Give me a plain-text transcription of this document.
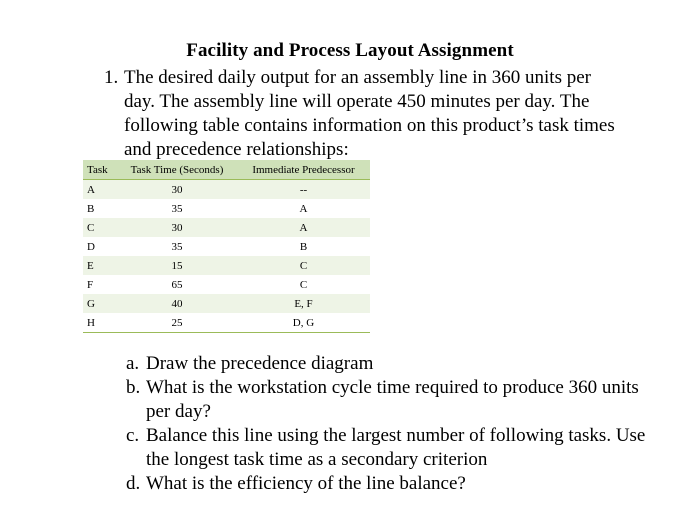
Facility and Process Layout Assignment
1. The desired daily output for an assembly line in 360 units per day. The assembly line will operate 450 minutes per day. The following table contains information on this product’s task times and precedence relationships:
Task	Task Time (Seconds)	Immediate Predecessor
A	30	--
B	35	A
C	30	A
D	35	B
E	15	C
F	65	C
G	40	E, F
H	25	D, G
a. Draw the precedence diagram
b. What is the workstation cycle time required to produce 360 units per day?
c. Balance this line using the largest number of following tasks. Use the longest task time as a secondary criterion
d. What is the efficiency of the line balance?
